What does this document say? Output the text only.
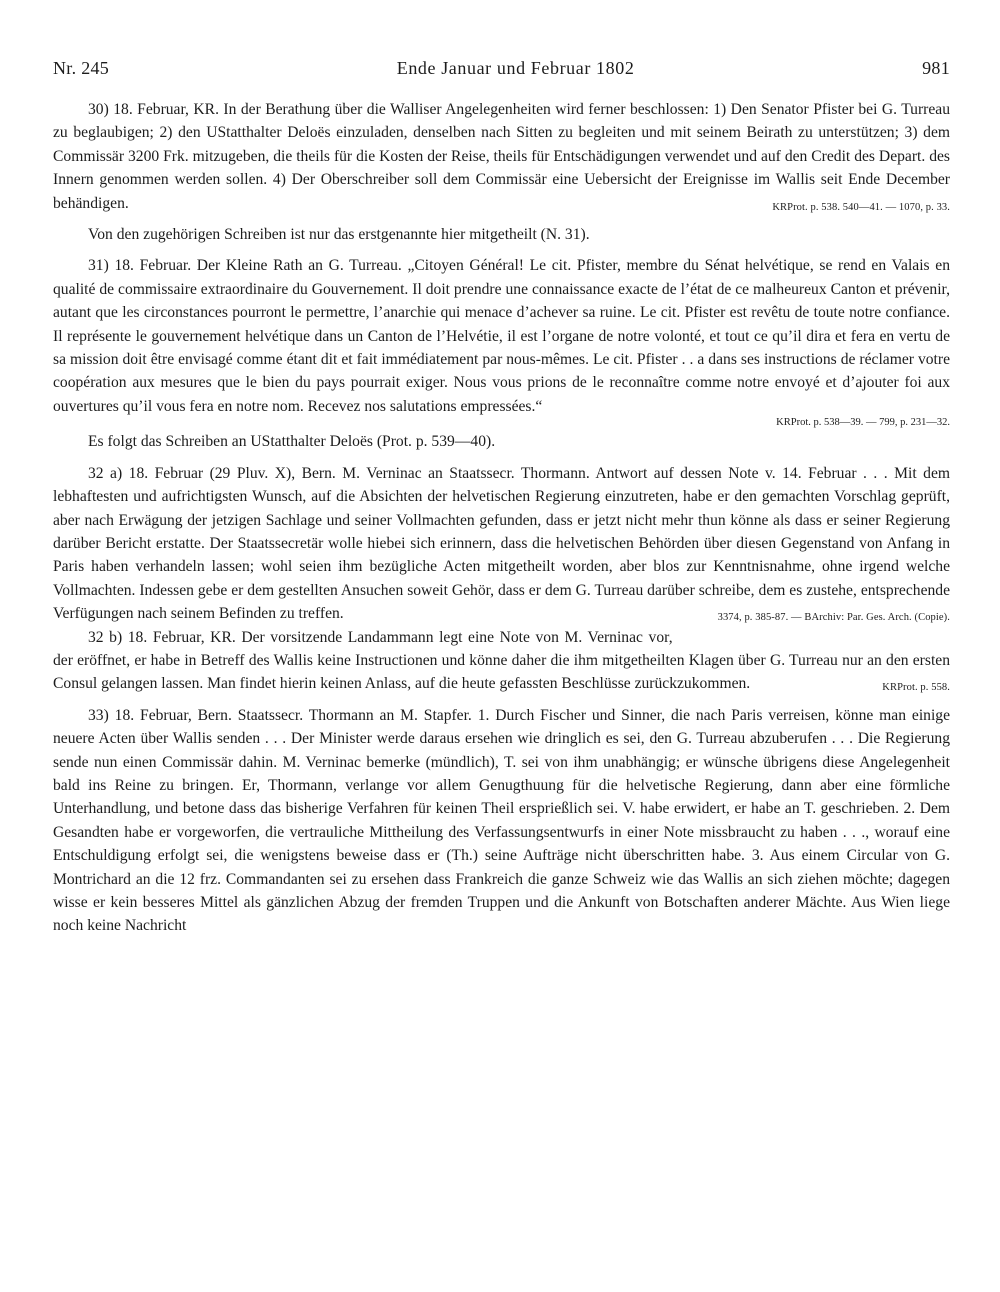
Nr. 245	Ende Januar und Februar 1802	981

30) 18. Februar, KR. In der Berathung über die Walliser Angelegenheiten wird ferner beschlossen: 1) Den Senator Pfister bei G. Turreau zu beglaubigen; 2) den UStatthalter Deloës einzuladen, denselben nach Sitten zu begleiten und mit seinem Beirath zu unterstützen; 3) dem Commissär 3200 Frk. mitzugeben, die theils für die Kosten der Reise, theils für Entschädigungen verwendet und auf den Credit des Depart. des Innern genommen werden sollen. 4) Der Oberschreiber soll dem Commissär eine Uebersicht der Ereignisse im Wallis seit Ende December behändigen.	KRProt. p. 538. 540—41. — 1070, p. 33.

Von den zugehörigen Schreiben ist nur das erstgenannte hier mitgetheilt (N. 31).

31) 18. Februar. Der Kleine Rath an G. Turreau. „Citoyen Général! Le cit. Pfister, membre du Sénat helvétique, se rend en Valais en qualité de commissaire extraordinaire du Gouvernement. Il doit prendre une connaissance exacte de l’état de ce malheureux Canton et prévenir, autant que les circonstances pourront le permettre, l’anarchie qui menace d’achever sa ruine. Le cit. Pfister est revêtu de toute notre confiance. Il représente le gouvernement helvétique dans un Canton de l’Helvétie, il est l’organe de notre volonté, et tout ce qu’il dira et fera en vertu de sa mission doit être envisagé comme étant dit et fait immédiatement par nous-mêmes. Le cit. Pfister . . a dans ses instructions de réclamer votre coopération aux mesures que le bien du pays pourrait exiger. Nous vous prions de le reconnaître comme notre envoyé et d’ajouter foi aux ouvertures qu’il vous fera en notre nom. Recevez nos salutations empressées.“

KRProt. p. 538—39. — 799, p. 231—32.

Es folgt das Schreiben an UStatthalter Deloës (Prot. p. 539—40).

32 a) 18. Februar (29 Pluv. X), Bern. M. Verninac an Staatssecr. Thormann. Antwort auf dessen Note v. 14. Februar . . . Mit dem lebhaftesten und aufrichtigsten Wunsch, auf die Absichten der helvetischen Regierung einzutreten, habe er den gemachten Vorschlag geprüft, aber nach Erwägung der jetzigen Sachlage und seiner Vollmachten gefunden, dass er jetzt nicht mehr thun könne als dass er seiner Regierung darüber Bericht erstatte. Der Staatssecretär wolle hiebei sich erinnern, dass die helvetischen Behörden über diesen Gegenstand von Anfang in Paris haben verhandeln lassen; wohl seien ihm bezügliche Acten mitgetheilt worden, aber blos zur Kenntnisnahme, ohne irgend welche Vollmachten. Indessen gebe er dem gestellten Ansuchen soweit Gehör, dass er dem G. Turreau darüber schreibe, dem es zustehe, entsprechende Verfügungen nach seinem Befinden zu treffen.	3374, p. 385-87. — BArchiv: Par. Ges. Arch. (Copie).

32 b) 18. Februar, KR. Der vorsitzende Landammann legt eine Note von M. Verninac vor, der eröffnet, er habe in Betreff des Wallis keine Instructionen und könne daher die ihm mitgetheilten Klagen über G. Turreau nur an den ersten Consul gelangen lassen. Man findet hierin keinen Anlass, auf die heute gefassten Beschlüsse zurückzukommen.	KRProt. p. 558.

33) 18. Februar, Bern. Staatssecr. Thormann an M. Stapfer. 1. Durch Fischer und Sinner, die nach Paris verreisen, könne man einige neuere Acten über Wallis senden . . . Der Minister werde daraus ersehen wie dringlich es sei, den G. Turreau abzuberufen . . . Die Regierung sende nun einen Commissär dahin. M. Verninac bemerke (mündlich), T. sei von ihm unabhängig; er wünsche übrigens diese Angelegenheit bald ins Reine zu bringen. Er, Thormann, verlange vor allem Genugthuung für die helvetische Regierung, dann aber eine förmliche Unterhandlung, und betone dass das bisherige Verfahren für keinen Theil ersprießlich sei. V. habe erwidert, er habe an T. geschrieben. 2. Dem Gesandten habe er vorgeworfen, die vertrauliche Mittheilung des Verfassungsentwurfs in einer Note missbraucht zu haben . . ., worauf eine Entschuldigung erfolgt sei, die wenigstens beweise dass er (Th.) seine Aufträge nicht überschritten habe. 3. Aus einem Circular von G. Montrichard an die 12 frz. Commandanten sei zu ersehen dass Frankreich die ganze Schweiz wie das Wallis an sich ziehen möchte; dagegen wisse er kein besseres Mittel als gänzlichen Abzug der fremden Truppen und die Ankunft von Botschaften anderer Mächte. Aus Wien liege noch keine Nachricht
